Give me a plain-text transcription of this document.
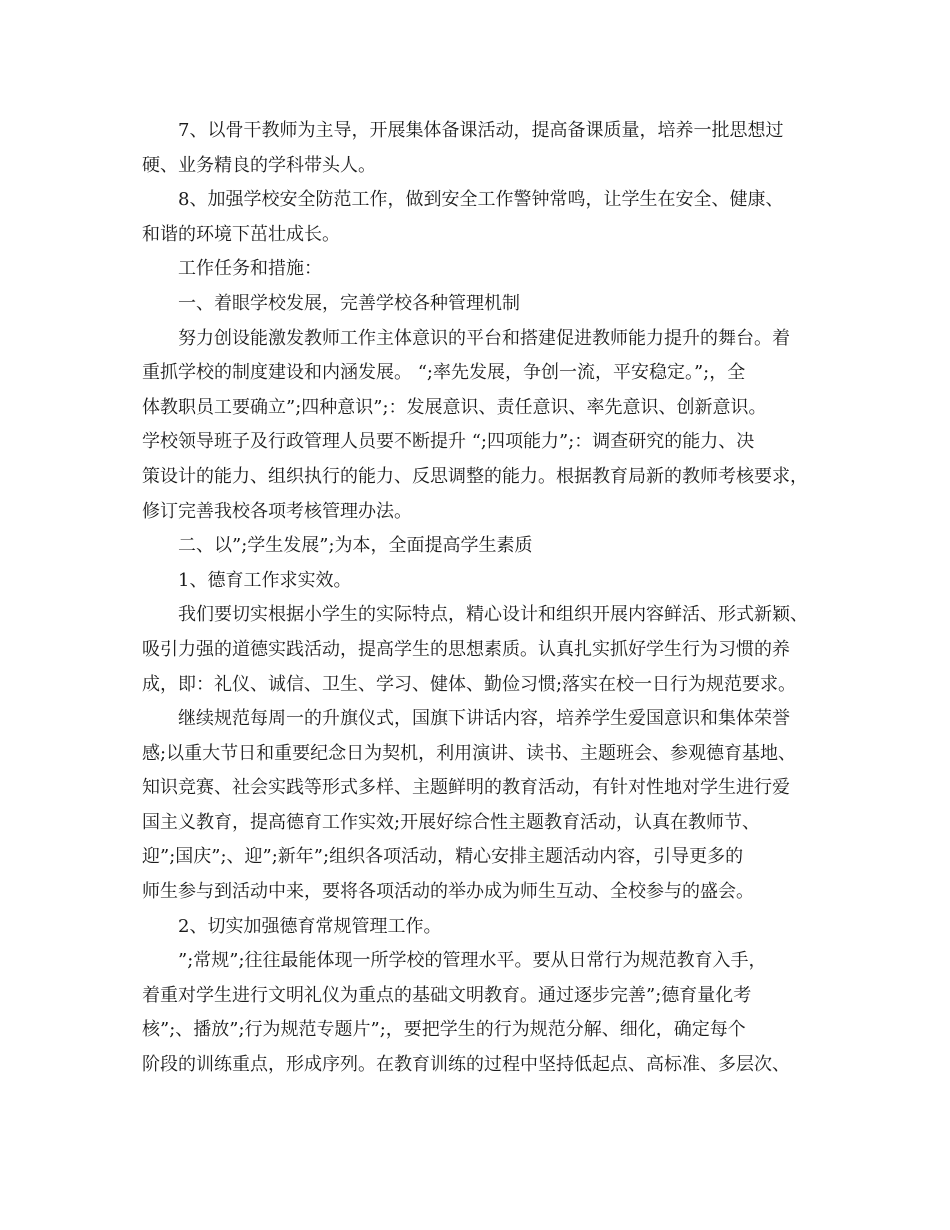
7、以骨干教师为主导，开展集体备课活动，提高备课质量，培养一批思想过
硬、业务精良的学科带头人。
8、加强学校安全防范工作，做到安全工作警钟常鸣，让学生在安全、健康、
和谐的环境下茁壮成长。
工作任务和措施：
一、着眼学校发展，完善学校各种管理机制
努力创设能激发教师工作主体意识的平台和搭建促进教师能力提升的舞台。着
重抓学校的制度建设和内涵发展。 “;率先发展，争创一流，平安稳定。”;，全
体教职员工要确立”;四种意识”;：发展意识、责任意识、率先意识、创新意识。
学校领导班子及行政管理人员要不断提升 “;四项能力”;：调查研究的能力、决
策设计的能力、组织执行的能力、反思调整的能力。根据教育局新的教师考核要求，
修订完善我校各项考核管理办法。
二、以”;学生发展”;为本，全面提高学生素质
1、德育工作求实效。
我们要切实根据小学生的实际特点，精心设计和组织开展内容鲜活、形式新颖、
吸引力强的道德实践活动，提高学生的思想素质。认真扎实抓好学生行为习惯的养
成，即：礼仪、诚信、卫生、学习、健体、勤俭习惯;落实在校一日行为规范要求。
继续规范每周一的升旗仪式，国旗下讲话内容，培养学生爱国意识和集体荣誉
感;以重大节日和重要纪念日为契机，利用演讲、读书、主题班会、参观德育基地、
知识竞赛、社会实践等形式多样、主题鲜明的教育活动，有针对性地对学生进行爱
国主义教育，提高德育工作实效;开展好综合性主题教育活动，认真在教师节、
迎”;国庆”;、迎”;新年”;组织各项活动，精心安排主题活动内容，引导更多的
师生参与到活动中来，要将各项活动的举办成为师生互动、全校参与的盛会。
2、切实加强德育常规管理工作。
”;常规”;往往最能体现一所学校的管理水平。要从日常行为规范教育入手，
着重对学生进行文明礼仪为重点的基础文明教育。通过逐步完善”;德育量化考
核”;、播放”;行为规范专题片”;，要把学生的行为规范分解、细化，确定每个
阶段的训练重点，形成序列。在教育训练的过程中坚持低起点、高标准、多层次、
